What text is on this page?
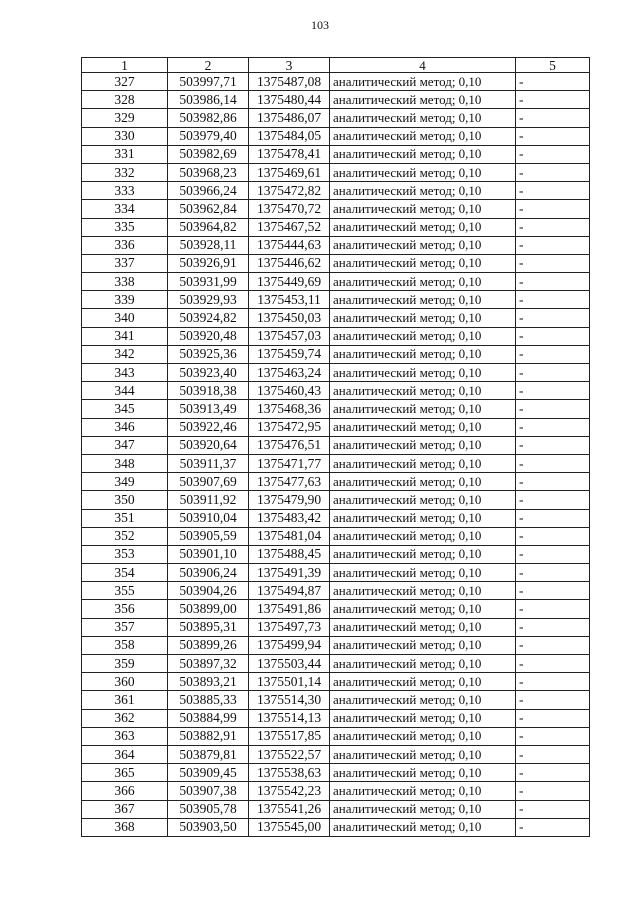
103
1	2	3	4	5
327	503997,71	1375487,08	аналитический метод; 0,10	-
328	503986,14	1375480,44	аналитический метод; 0,10	-
329	503982,86	1375486,07	аналитический метод; 0,10	-
330	503979,40	1375484,05	аналитический метод; 0,10	-
331	503982,69	1375478,41	аналитический метод; 0,10	-
332	503968,23	1375469,61	аналитический метод; 0,10	-
333	503966,24	1375472,82	аналитический метод; 0,10	-
334	503962,84	1375470,72	аналитический метод; 0,10	-
335	503964,82	1375467,52	аналитический метод; 0,10	-
336	503928,11	1375444,63	аналитический метод; 0,10	-
337	503926,91	1375446,62	аналитический метод; 0,10	-
338	503931,99	1375449,69	аналитический метод; 0,10	-
339	503929,93	1375453,11	аналитический метод; 0,10	-
340	503924,82	1375450,03	аналитический метод; 0,10	-
341	503920,48	1375457,03	аналитический метод; 0,10	-
342	503925,36	1375459,74	аналитический метод; 0,10	-
343	503923,40	1375463,24	аналитический метод; 0,10	-
344	503918,38	1375460,43	аналитический метод; 0,10	-
345	503913,49	1375468,36	аналитический метод; 0,10	-
346	503922,46	1375472,95	аналитический метод; 0,10	-
347	503920,64	1375476,51	аналитический метод; 0,10	-
348	503911,37	1375471,77	аналитический метод; 0,10	-
349	503907,69	1375477,63	аналитический метод; 0,10	-
350	503911,92	1375479,90	аналитический метод; 0,10	-
351	503910,04	1375483,42	аналитический метод; 0,10	-
352	503905,59	1375481,04	аналитический метод; 0,10	-
353	503901,10	1375488,45	аналитический метод; 0,10	-
354	503906,24	1375491,39	аналитический метод; 0,10	-
355	503904,26	1375494,87	аналитический метод; 0,10	-
356	503899,00	1375491,86	аналитический метод; 0,10	-
357	503895,31	1375497,73	аналитический метод; 0,10	-
358	503899,26	1375499,94	аналитический метод; 0,10	-
359	503897,32	1375503,44	аналитический метод; 0,10	-
360	503893,21	1375501,14	аналитический метод; 0,10	-
361	503885,33	1375514,30	аналитический метод; 0,10	-
362	503884,99	1375514,13	аналитический метод; 0,10	-
363	503882,91	1375517,85	аналитический метод; 0,10	-
364	503879,81	1375522,57	аналитический метод; 0,10	-
365	503909,45	1375538,63	аналитический метод; 0,10	-
366	503907,38	1375542,23	аналитический метод; 0,10	-
367	503905,78	1375541,26	аналитический метод; 0,10	-
368	503903,50	1375545,00	аналитический метод; 0,10	-
